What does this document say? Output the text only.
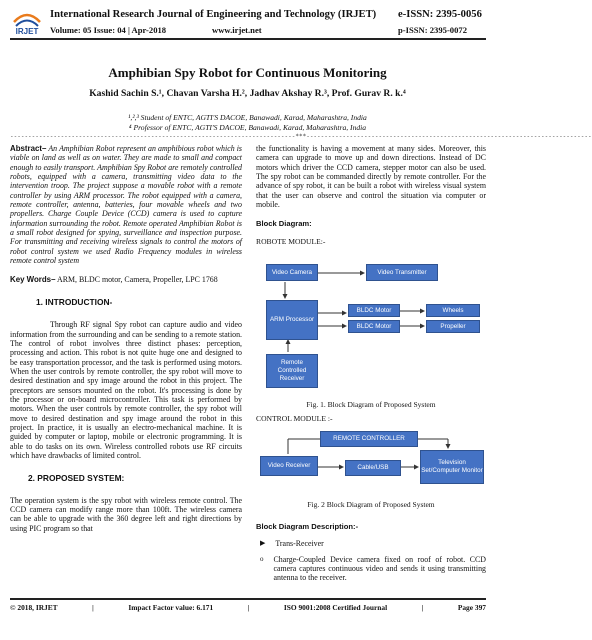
IRJET
International Research Journal of Engineering and Technology (IRJET) e-ISSN: 2395-0056
Volume: 05 Issue: 04 | Apr-2018	www.irjet.net	p-ISSN: 2395-0072
Amphibian Spy Robot for Continuous Monitoring
Kashid Sachin S.¹, Chavan Varsha H.², Jadhav Akshay R.³, Prof. Gurav R. k.⁴
¹,²,³ Student of ENTC, AGTI'S DACOE, Banawadi, Karad, Maharashtra, India
⁴ Professor of ENTC, AGTI'S DACOE, Banawadi, Karad, Maharashtra, India
-------------------------------------------------------------------------------***-------------------------------------------------------------------------------

Abstract– An Amphibian Robot represent an amphibious robot which is viable on land as well as on water. They are made to small and compact enough to easily transport. Amphibian Spy Robot are remotely controlled robots, equipped with a camera, transmitting video data to the intervention troop. The project suppose a movable robot with a remote controller by using ARM processor. The robot equipped with a camera, remote controller, antenna, batteries, four movable wheels and two propellers. Charge Couple Device (CCD) camera is used to capture information surrounding the robot. Remote operated Amphibian Robot is a small robot designed for spying, surveillance and inspection purpose. For transmitting and receiving wireless signals to control the motors of robot control system we used Radio Frequency modules in wireless remote control system

Key Words– ARM, BLDC motor, Camera, Propeller, LPC 1768

1. INTRODUCTION-

Through RF signal Spy robot can capture audio and video information from the surrounding and can be sending to a remote station. The control of robot involves three distinct phases: perception, processing and action. This robot is not quite huge one and designed to be easy transportation processor, and the task is performed using motors. When the user controls by remote controller, the spy robot will move to desired destination and spy image around the robot in this project. The preceptors are sensors mounted on the robot. It's processing is done by the processor or on-board microcontroller. This task is performed by motors. When the user controls by remote controller, the spy robot will move to desired destination and spy image around the robot in this project. In practice, it is usually an electro-mechanical machine. It is guided by computer or laptop, mobile or electronic programming. It is able to do tasks on its own. Wireless controlled robots use RF circuits which have drawbacks of limited control.

2. PROPOSED SYSTEM:

The operation system is the spy robot with wireless remote control. The CCD camera can modify range more than 100ft. The wireless camera can be able to upgrade with the 360 degree left and right directions by using PIC program so that

the functionality is having a movement at many sides. Moreover, this camera can upgrade to move up and down directions. Instead of DC motors which driver the CCD camera, stepper motor can also be used. The spy robot can be commanded directly by remote controller. For the advance of spy robot, it can be built a robot with wireless visual system that the user can observe and control the situation via computer or mobile.

Block Diagram:

ROBOTE MODULE:-

Video Camera	Video Transmitter
ARM Processor
BLDC Motor
BLDC Motor
Wheels
Propeller
Remote Controlled Receiver
Fig. 1. Block Diagram of Proposed System
CONTROL MODULE :-
REMOTE CONTROLLER
Video Receiver	Cable/USB
Television Set/Computer Monitor
Fig. 2 Block Diagram of Proposed System

Block Diagram Description:-

▶ Trans-Receiver
o Charge-Coupled Device camera fixed on roof of robot. CCD camera captures continuous video and sends it using transmitting antenna to the receiver.
© 2018, IRJET	|	Impact Factor value: 6.171	|	ISO 9001:2008 Certified Journal	|	Page 397
